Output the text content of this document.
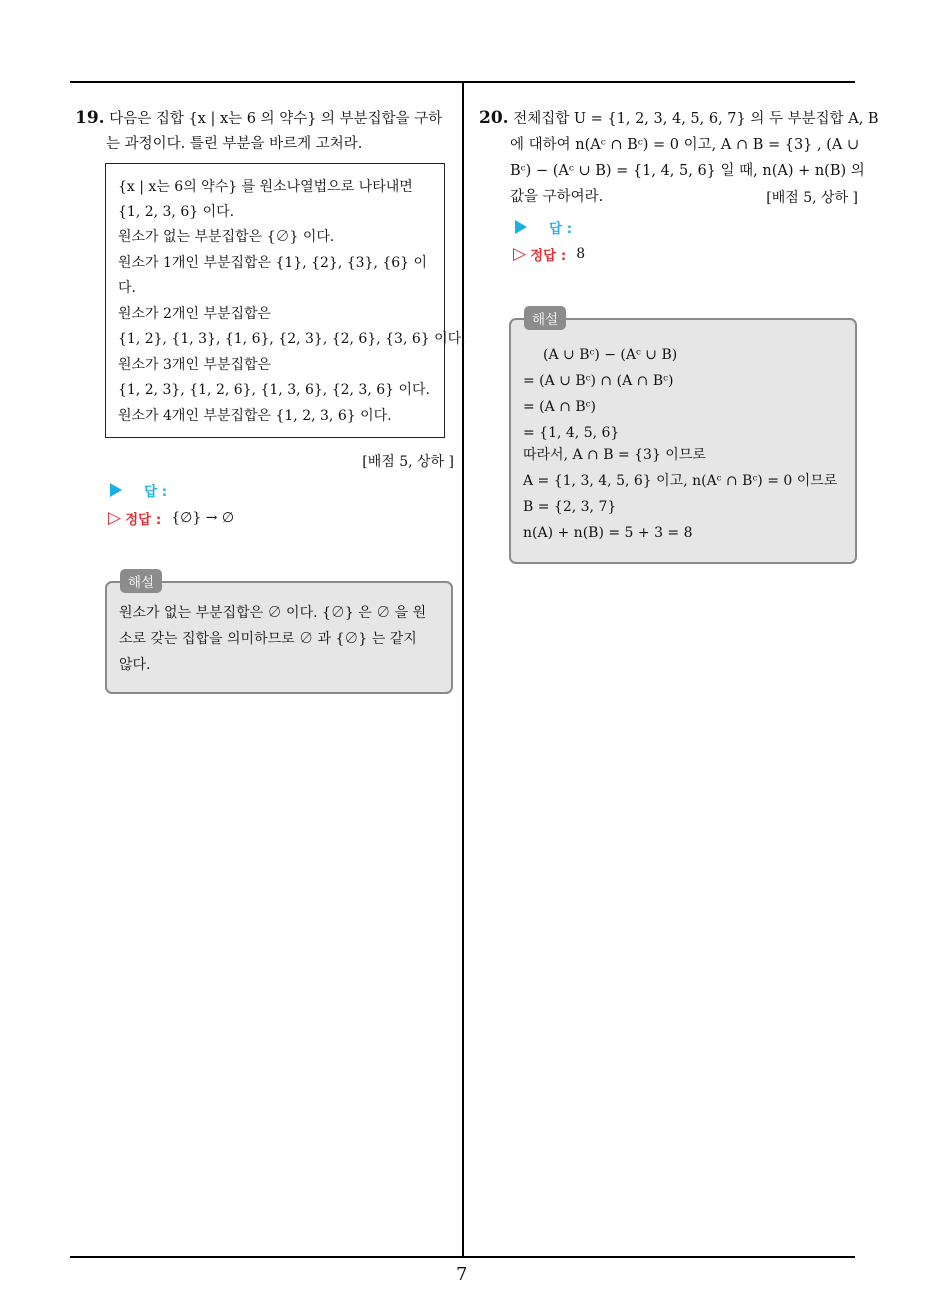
19. 다음은 집합 {x | x는 6 의 약수} 의 부분집합을 구하
는 과정이다. 틀린 부분을 바르게 고처라.
{x | x는 6의 약수} 를 원소나열법으로 나타내면
{1, 2, 3, 6} 이다.
원소가 없는 부분집합은 {∅} 이다.
원소가 1개인 부분집합은 {1}, {2}, {3}, {6} 이
다.
원소가 2개인 부분집합은
{1, 2}, {1, 3}, {1, 6}, {2, 3}, {2, 6}, {3, 6} 이다.
원소가 3개인 부분집합은
{1, 2, 3}, {1, 2, 6}, {1, 3, 6}, {2, 3, 6} 이다.
원소가 4개인 부분집합은 {1, 2, 3, 6} 이다.
[배점 5, 상하 ]
답 :
▷ 정답 : {∅} → ∅
원소가 없는 부분집합은 ∅ 이다. {∅} 은 ∅ 을 원
소로 갖는 집합을 의미하므로 ∅ 과 {∅} 는 같지
않다.
해설
20. 전체집합 U = {1, 2, 3, 4, 5, 6, 7} 의 두 부분집합 A, B
에 대하여 n(Aᶜ ∩ Bᶜ) = 0 이고, A ∩ B = {3} , (A ∪
Bᶜ) − (Aᶜ ∪ B) = {1, 4, 5, 6} 일 때, n(A) + n(B) 의
값을 구하여라.	[배점 5, 상하 ]
답 :
▷ 정답 : 8
(A ∪ Bᶜ) − (Aᶜ ∪ B)
= (A ∪ Bᶜ) ∩ (A ∩ Bᶜ)
= (A ∩ Bᶜ)
= {1, 4, 5, 6}
따라서, A ∩ B = {3} 이므로
A = {1, 3, 4, 5, 6} 이고, n(Aᶜ ∩ Bᶜ) = 0 이므로
B = {2, 3, 7}
n(A) + n(B) = 5 + 3 = 8
해설
7
